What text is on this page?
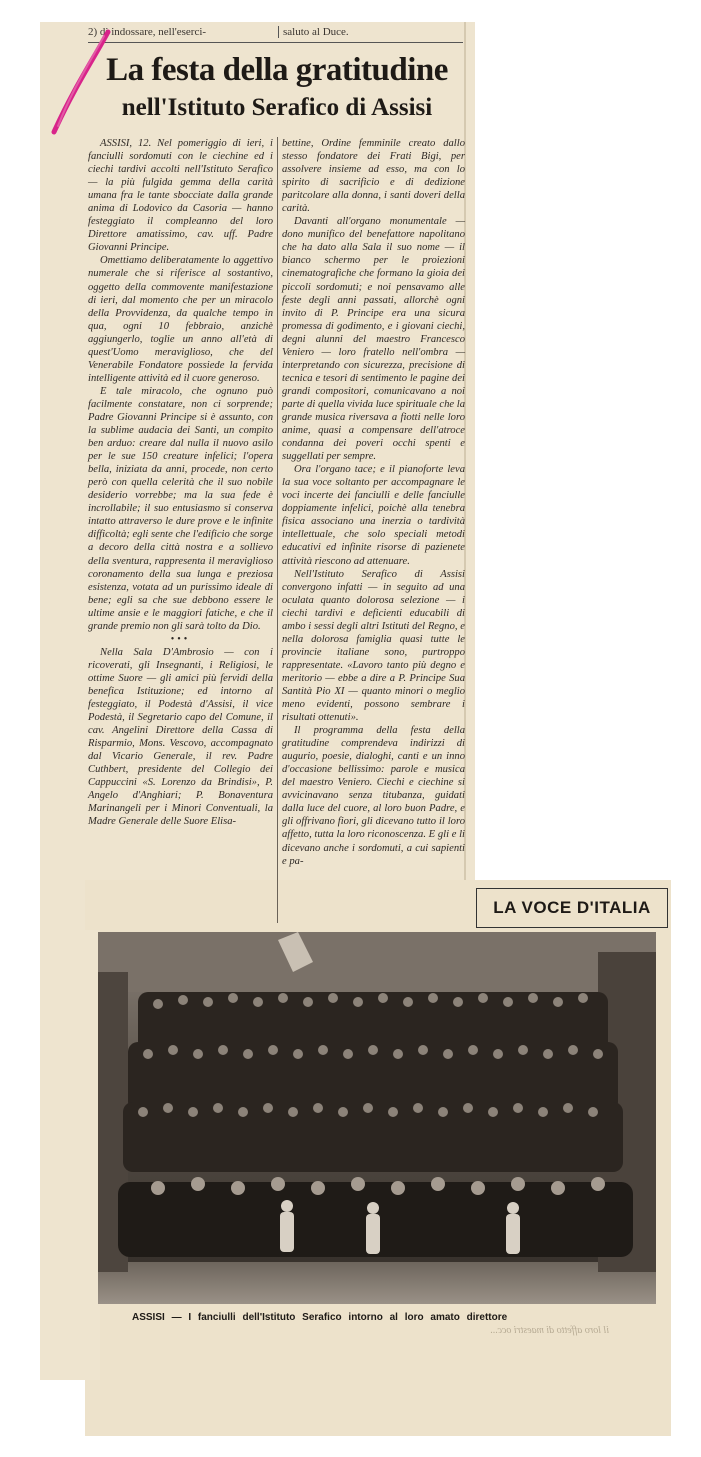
2) di indossare, nell'eserci-	saluto al Duce.
La festa della gratitudine
nell'Istituto Serafico di Assisi

ASSISI, 12. Nel pomeriggio di ieri, i fanciulli sordomuti con le ciechine ed i ciechi tardivi accolti nell'Istituto Serafico — la più fulgida gemma della carità umana fra le tante sbocciate dalla grande anima di Lodovico da Casoria — hanno festeggiato il compleanno del loro Direttore amatissimo, cav. uff. Padre Giovanni Principe.

Omettiamo deliberatamente lo aggettivo numerale che si riferisce al sostantivo, oggetto della commovente manifestazione di ieri, dal momento che per un miracolo della Provvidenza, da qualche tempo in qua, ogni 10 febbraio, anzichè aggiungerlo, toglie un anno all'età di quest'Uomo meraviglioso, che del Venerabile Fondatore possiede la fervida intelligente attività ed il cuore generoso.

E tale miracolo, che ognuno può facilmente constatare, non ci sorprende; Padre Giovanni Principe si è assunto, con la sublime audacia dei Santi, un compito ben arduo: creare dal nulla il nuovo asilo per le sue 150 creature infelici; l'opera bella, iniziata da anni, procede, non certo però con quella celerità che il suo nobile desiderio vorrebbe; ma la sua fede è incrollabile; il suo entusiasmo si conserva intatto attraverso le dure prove e le infinite difficoltà; egli sente che l'edificio che sorge a decoro della città nostra e a sollievo della sventura, rappresenta il meraviglioso coronamento della sua lunga e preziosa esistenza, votata ad un purissimo ideale di bene; egli sa che sue debbono essere le ultime ansie e le maggiori fatiche, e che il grande premio non gli sarà tolto da Dio.

•••

Nella Sala D'Ambrosio — con i ricoverati, gli Insegnanti, i Religiosi, le ottime Suore — gli amici più fervidi della benefica Istituzione; ed intorno al festeggiato, il Podestà d'Assisi, il vice Podestà, il Segretario capo del Comune, il cav. Angelini Direttore della Cassa di Risparmio, Mons. Vescovo, accompagnato dal Vicario Generale, il rev. Padre Cuthbert, presidente del Collegio dei Cappuccini «S. Lorenzo da Brindisi», P. Angelo d'Anghiari; P. Bonaventura Marinangeli per i Minori Conventuali, la Madre Generale delle Suore Elisa-

bettine, Ordine femminile creato dallo stesso fondatore dei Frati Bigi, per assolvere insieme ad esso, ma con lo spirito di sacrificio e di dedizione paritcolare alla donna, i santi doveri della carità.

Davanti all'organo monumentale — dono munifico del benefattore napolitano che ha dato alla Sala il suo nome — il bianco schermo per le proiezioni cinematografiche che formano la gioia dei piccoli sordomuti; e noi pensavamo alle feste degli anni passati, allorchè ogni invito di P. Principe era una sicura promessa di godimento, e i giovani ciechi, degni alunni del maestro Francesco Veniero — loro fratello nell'ombra — interpretando con sicurezza, precisione di tecnica e tesori di sentimento le pagine dei grandi compositori, comunicavano a noi parte di quella vivida luce spirituale che la grande musica riversava a fiotti nelle loro anime, quasi a compensare dell'atroce condanna dei poveri occhi spenti e suggellati per sempre.

Ora l'organo tace; e il pianoforte leva la sua voce soltanto per accompagnare le voci incerte dei fanciulli e delle fanciulle doppiamente infelici, poichè alla tenebra fisica associano una inerzia o tardività intellettuale, che solo speciali metodi educativi ed infinite risorse di pazienete attività riescono ad attenuare.

Nell'Istituto Serafico di Assisi convergono infatti — in seguito ad una oculata quanto dolorosa selezione — i ciechi tardivi e deficienti educabili di ambo i sessi degli altri Istituti del Regno, e nella dolorosa famiglia quasi tutte le provincie italiane sono, purtroppo rappresentate. «Lavoro tanto più degno e meritorio — ebbe a dire a P. Principe Sua Santità Pio XI — quanto minori o meglio meno evidenti, possono sembrare i risultati ottenuti».

Il programma della festa della gratitudine comprendeva indirizzi di augurio, poesie, dialoghi, canti e un inno d'occasione bellissimo: parole e musica del maestro Veniero. Ciechi e ciechine si avvicinavano senza titubanza, guidati dalla luce del cuore, al loro buon Padre, e gli offrivano fiori, gli dicevano tutto il loro affetto, tutta la loro riconoscenza. E gli e li dicevano anche i sordomuti, a cui sapienti e pa-

LA VOCE D'ITALIA
ASSISI — I fanciulli dell'Istituto Serafico intorno al loro amato direttore
il loro affetto di maestri occ...
